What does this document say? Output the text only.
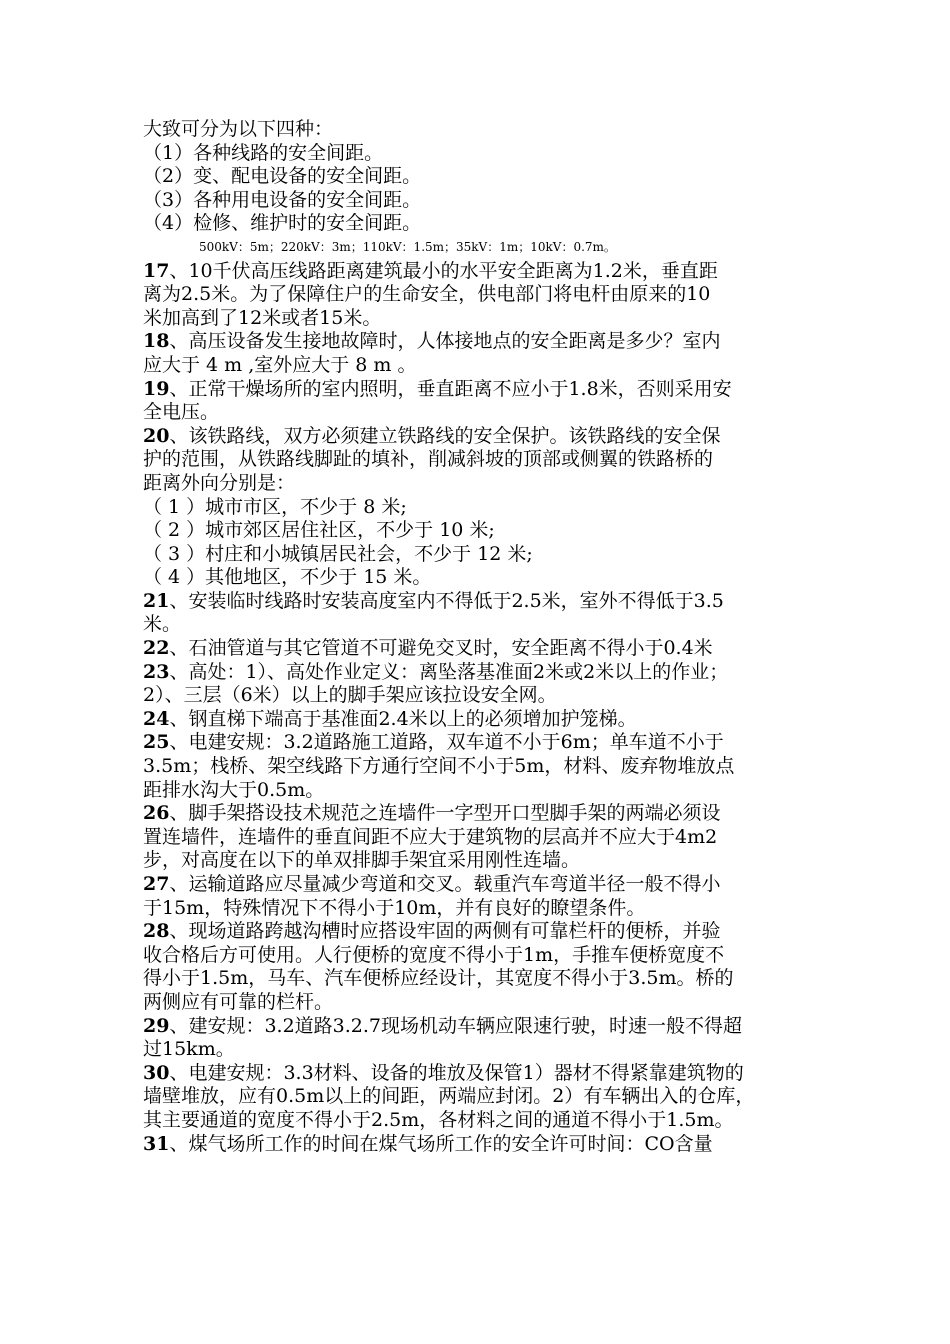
大致可分为以下四种：
（1）各种线路的安全间距。
（2）变、配电设备的安全间距。
（3）各种用电设备的安全间距。
（4）检修、维护时的安全间距。
500kV：5m；220kV：3m；110kV：1.5m；35kV：1m；10kV：0.7m。
17、10千伏高压线路距离建筑最小的水平安全距离为1.2米，垂直距
离为2.5米。为了保障住户的生命安全，供电部门将电杆由原来的10
米加高到了12米或者15米。
18、高压设备发生接地故障时，人体接地点的安全距离是多少？室内
应大于 4 m ,室外应大于 8 m 。
19、正常干燥场所的室内照明，垂直距离不应小于1.8米，否则采用安
全电压。
20、该铁路线，双方必须建立铁路线的安全保护。该铁路线的安全保
护的范围，从铁路线脚趾的填补，削减斜坡的顶部或侧翼的铁路桥的
距离外向分别是：
（ 1 ）城市市区，不少于 8 米;
（ 2 ）城市郊区居住社区，不少于 10 米;
（ 3 ）村庄和小城镇居民社会，不少于 12 米;
（ 4 ）其他地区，不少于 15 米。
21、安装临时线路时安装高度室内不得低于2.5米，室外不得低于3.5
米。
22、石油管道与其它管道不可避免交叉时，安全距离不得小于0.4米
23、高处：1）、高处作业定义：离坠落基准面2米或2米以上的作业；
2）、三层（6米）以上的脚手架应该拉设安全网。
24、钢直梯下端高于基准面2.4米以上的必须增加护笼梯。
25、电建安规：3.2道路施工道路，双车道不小于6m；单车道不小于
3.5m；栈桥、架空线路下方通行空间不小于5m，材料、废弃物堆放点
距排水沟大于0.5m。
26、脚手架搭设技术规范之连墙件一字型开口型脚手架的两端必须设
置连墙件，连墙件的垂直间距不应大于建筑物的层高并不应大于4m2
步，对高度在以下的单双排脚手架宜采用刚性连墙。
27、运输道路应尽量减少弯道和交叉。载重汽车弯道半径一般不得小
于15m，特殊情况下不得小于10m，并有良好的瞭望条件。
28、现场道路跨越沟槽时应搭设牢固的两侧有可靠栏杆的便桥，并验
收合格后方可使用。人行便桥的宽度不得小于1m，手推车便桥宽度不
得小于1.5m，马车、汽车便桥应经设计，其宽度不得小于3.5m。桥的
两侧应有可靠的栏杆。
29、建安规：3.2道路3.2.7现场机动车辆应限速行驶，时速一般不得超
过15km。
30、电建安规：3.3材料、设备的堆放及保管1）器材不得紧靠建筑物的
墙壁堆放，应有0.5m以上的间距，两端应封闭。2）有车辆出入的仓库，
其主要通道的宽度不得小于2.5m，各材料之间的通道不得小于1.5m。
31、煤气场所工作的时间在煤气场所工作的安全许可时间：CO含量
